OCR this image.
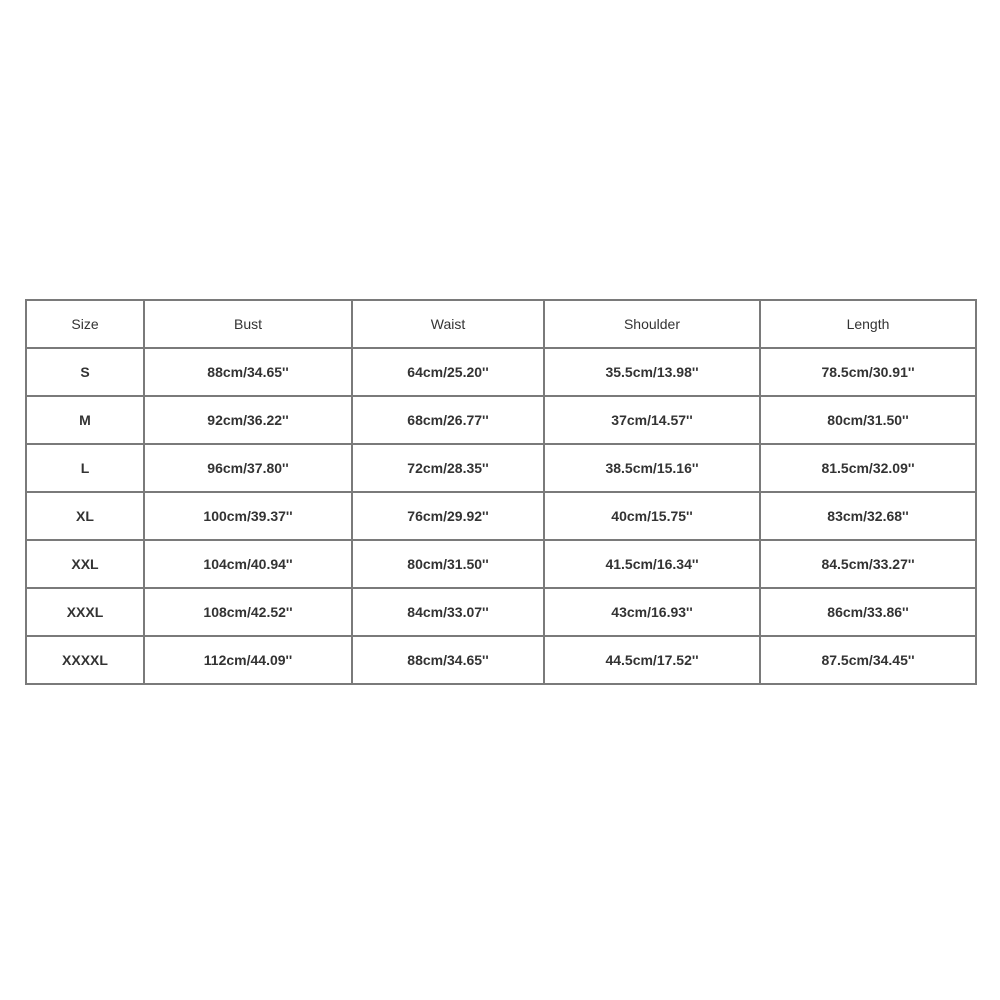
Size	Bust	Waist	Shoulder	Length
S	88cm/34.65''	64cm/25.20''	35.5cm/13.98''	78.5cm/30.91''
M	92cm/36.22''	68cm/26.77''	37cm/14.57''	80cm/31.50''
L	96cm/37.80''	72cm/28.35''	38.5cm/15.16''	81.5cm/32.09''
XL	100cm/39.37''	76cm/29.92''	40cm/15.75''	83cm/32.68''
XXL	104cm/40.94''	80cm/31.50''	41.5cm/16.34''	84.5cm/33.27''
XXXL	108cm/42.52''	84cm/33.07''	43cm/16.93''	86cm/33.86''
XXXXL	112cm/44.09''	88cm/34.65''	44.5cm/17.52''	87.5cm/34.45''
